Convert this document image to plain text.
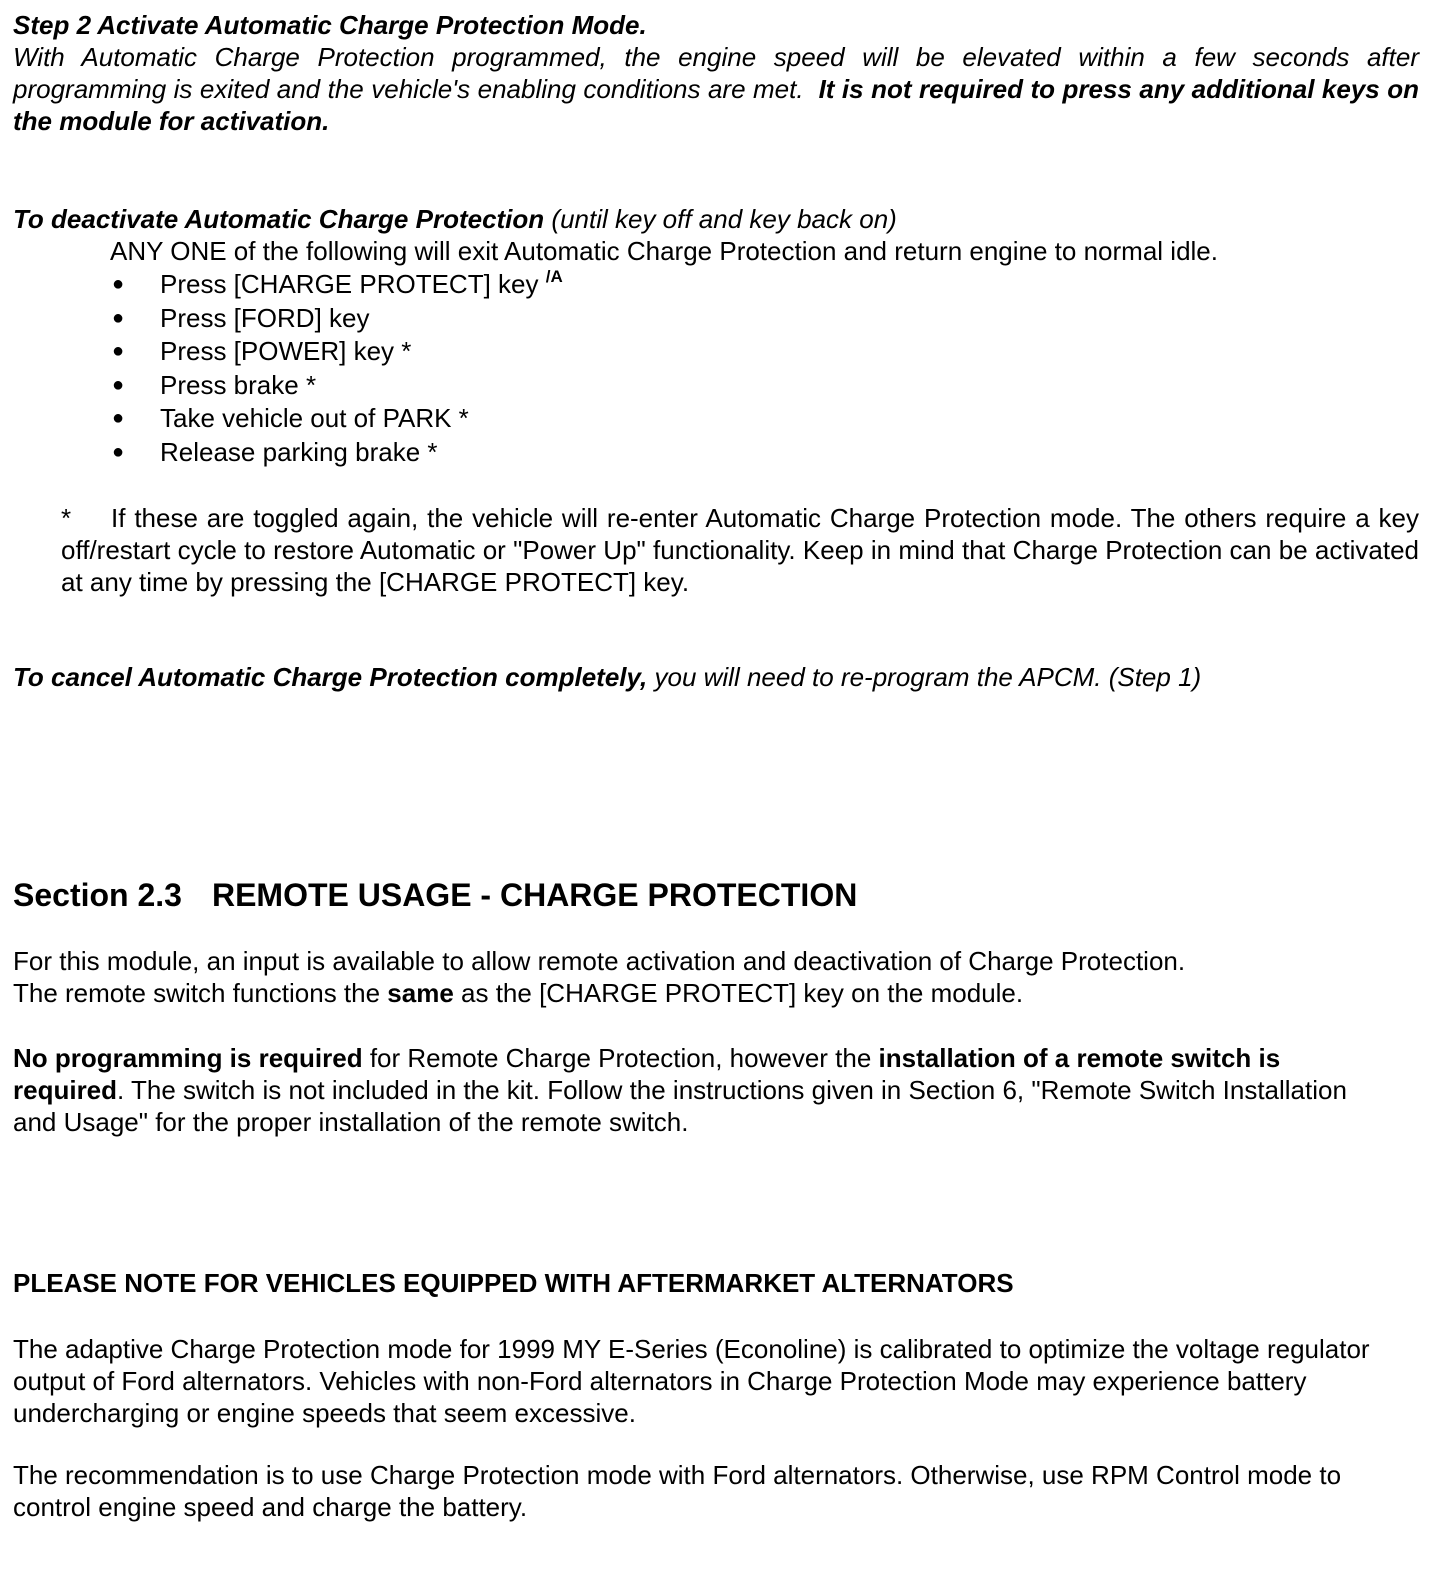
Step 2 Activate Automatic Charge Protection Mode.

With Automatic Charge Protection programmed, the engine speed will be elevated within a few seconds after programming is exited and the vehicle's enabling conditions are met. It is not required to press any additional keys on the module for activation.

To deactivate Automatic Charge Protection (until key off and key back on)

ANY ONE of the following will exit Automatic Charge Protection and return engine to normal idle.

● Press [CHARGE PROTECT] key $^{/A}$
● Press [FORD] key
● Press [POWER] key *
● Press brake *
● Take vehicle out of PARK *
● Release parking brake *

* If these are toggled again, the vehicle will re-enter Automatic Charge Protection mode. The others require a key off/restart cycle to restore Automatic or "Power Up" functionality. Keep in mind that Charge Protection can be activated at any time by pressing the [CHARGE PROTECT] key.

To cancel Automatic Charge Protection completely, you will need to re-program the APCM. (Step 1)

Section 2.3 REMOTE USAGE - CHARGE PROTECTION

For this module, an input is available to allow remote activation and deactivation of Charge Protection.
The remote switch functions the same as the [CHARGE PROTECT] key on the module.

No programming is required for Remote Charge Protection, however the installation of a remote switch is required. The switch is not included in the kit. Follow the instructions given in Section 6, "Remote Switch Installation and Usage" for the proper installation of the remote switch.

PLEASE NOTE FOR VEHICLES EQUIPPED WITH AFTERMARKET ALTERNATORS

The adaptive Charge Protection mode for 1999 MY E-Series (Econoline) is calibrated to optimize the voltage regulator output of Ford alternators. Vehicles with non-Ford alternators in Charge Protection Mode may experience battery undercharging or engine speeds that seem excessive.

The recommendation is to use Charge Protection mode with Ford alternators. Otherwise, use RPM Control mode to control engine speed and charge the battery.
